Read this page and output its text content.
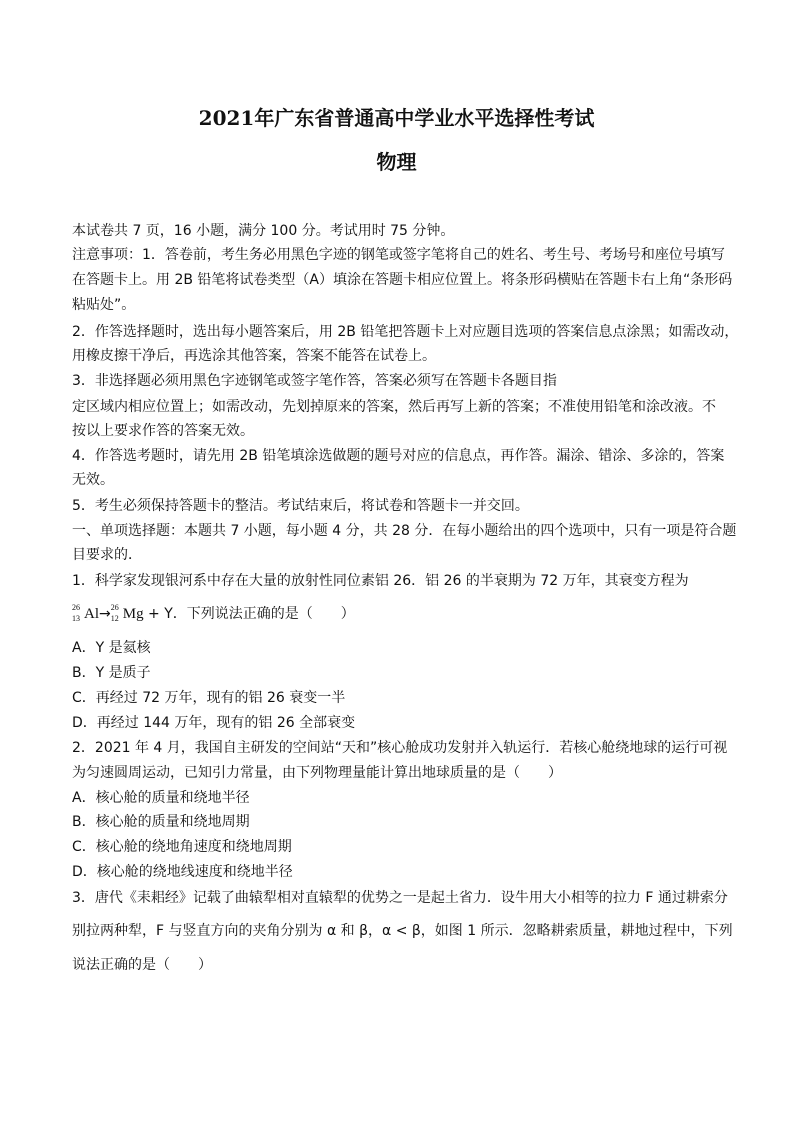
2021年广东省普通高中学业水平选择性考试
物理
本试卷共 7 页，16 小题，满分 100 分。考试用时 75 分钟。
注意事项：1．答卷前，考生务必用黑色字迹的钢笔或签字笔将自己的姓名、考生号、考场号和座位号填写
在答题卡上。用 2B 铅笔将试卷类型（A）填涂在答题卡相应位置上。将条形码横贴在答题卡右上角“条形码
粘贴处”。
2．作答选择题时，选出每小题答案后，用 2B 铅笔把答题卡上对应题目选项的答案信息点涂黑；如需改动，
用橡皮擦干净后，再选涂其他答案，答案不能答在试卷上。
3．非选择题必须用黑色字迹钢笔或签字笔作答，答案必须写在答题卡各题目指
定区域内相应位置上；如需改动，先划掉原来的答案，然后再写上新的答案；不准使用铅笔和涂改液。不
按以上要求作答的答案无效。
4．作答选考题时，请先用 2B 铅笔填涂选做题的题号对应的信息点，再作答。漏涂、错涂、多涂的，答案
无效。
5．考生必须保持答题卡的整洁。考试结束后，将试卷和答题卡一并交回。
一、单项选择题：本题共 7 小题，每小题 4 分，共 28 分．在每小题给出的四个选项中，只有一项是符合题
目要求的．
1．科学家发现银河系中存在大量的放射性同位素铝 26．铝 26 的半衰期为 72 万年，其衰变方程为
26
13 Al→ 26
12 Mg + Y．下列说法正确的是（　　）
A．Y 是氦核
B．Y 是质子
C．再经过 72 万年，现有的铝 26 衰变一半
D．再经过 144 万年，现有的铝 26 全部衰变
2．2021 年 4 月，我国自主研发的空间站“天和”核心舱成功发射并入轨运行．若核心舱绕地球的运行可视
为匀速圆周运动，已知引力常量，由下列物理量能计算出地球质量的是（　　）
A．核心舱的质量和绕地半径
B．核心舱的质量和绕地周期
C．核心舱的绕地角速度和绕地周期
D．核心舱的绕地线速度和绕地半径
3．唐代《耒耜经》记载了曲辕犁相对直辕犁的优势之一是起土省力．设牛用大小相等的拉力 F 通过耕索分
别拉两种犁，F 与竖直方向的夹角分别为 α 和 β，α < β，如图 1 所示．忽略耕索质量，耕地过程中，下列
说法正确的是（　　）
